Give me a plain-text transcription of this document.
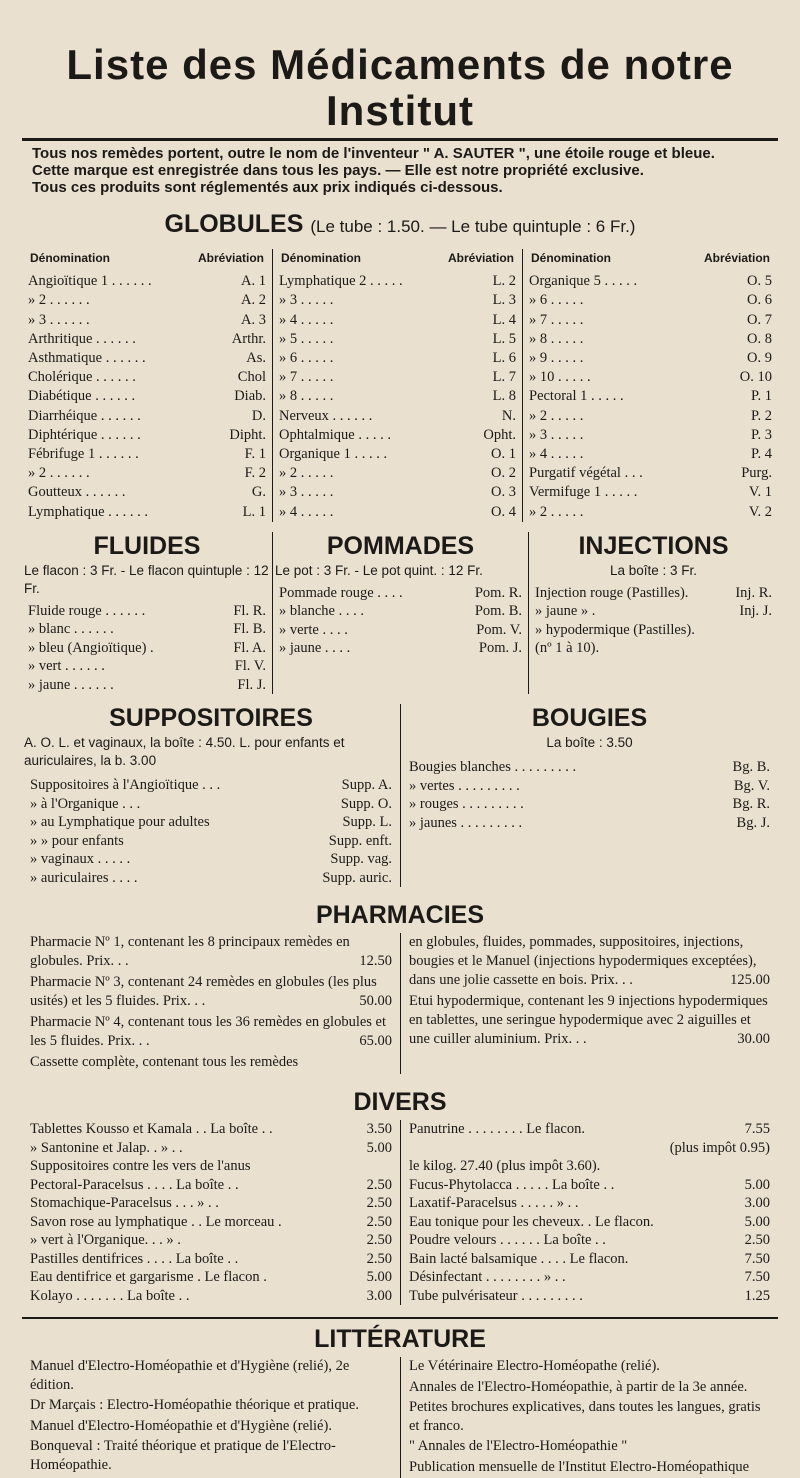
Liste des Médicaments de notre Institut
Tous nos remèdes portent, outre le nom de l'inventeur " A. SAUTER ", une étoile rouge et bleue.
Cette marque est enregistrée dans tous les pays. — Elle est notre propriété exclusive.
Tous ces produits sont réglementés aux prix indiqués ci-dessous.
GLOBULES (Le tube : 1.50. — Le tube quintuple : 6 Fr.)
Dénomination	Abréviation
Angioïtique 1 . . . . . .	A. 1
» 2 . . . . . .	A. 2
» 3 . . . . . .	A. 3
Arthritique . . . . . .	Arthr.
Asthmatique . . . . . .	As.
Cholérique . . . . . .	Chol
Diabétique . . . . . .	Diab.
Diarrhéique . . . . . .	D.
Diphtérique . . . . . .	Dipht.
Fébrifuge 1 . . . . . .	F. 1
» 2 . . . . . .	F. 2
Goutteux . . . . . .	G.
Lymphatique . . . . . .	L. 1
Dénomination	Abréviation
Lymphatique 2 . . . . .	L. 2
» 3 . . . . .	L. 3
» 4 . . . . .	L. 4
» 5 . . . . .	L. 5
» 6 . . . . .	L. 6
» 7 . . . . .	L. 7
» 8 . . . . .	L. 8
Nerveux . . . . . .	N.
Ophtalmique . . . . .	Opht.
Organique 1 . . . . .	O. 1
» 2 . . . . .	O. 2
» 3 . . . . .	O. 3
» 4 . . . . .	O. 4
Dénomination	Abréviation
Organique 5 . . . . .	O. 5
» 6 . . . . .	O. 6
» 7 . . . . .	O. 7
» 8 . . . . .	O. 8
» 9 . . . . .	O. 9
» 10 . . . . .	O. 10
Pectoral 1 . . . . .	P. 1
» 2 . . . . .	P. 2
» 3 . . . . .	P. 3
» 4 . . . . .	P. 4
Purgatif végétal . . .	Purg.
Vermifuge 1 . . . . .	V. 1
» 2 . . . . .	V. 2
FLUIDES
Le flacon : 3 Fr. - Le flacon quintuple : 12 Fr.
Fluide rouge . . . . . .	Fl. R.
» blanc . . . . . .	Fl. B.
» bleu (Angioïtique) .	Fl. A.
» vert . . . . . .	Fl. V.
» jaune . . . . . .	Fl. J.
POMMADES
Le pot : 3 Fr. - Le pot quint. : 12 Fr.
Pommade rouge . . . .	Pom. R.
» blanche . . . .	Pom. B.
» verte . . . .	Pom. V.
» jaune . . . .	Pom. J.
INJECTIONS
La boîte : 3 Fr.
Injection rouge (Pastilles).	Inj. R.
» jaune » .	Inj. J.
» hypodermique (Pastilles).
(nº 1 à 10).
SUPPOSITOIRES
A. O. L. et vaginaux, la boîte : 4.50. L. pour enfants et auriculaires, la b. 3.00
Suppositoires à l'Angioïtique . . .	Supp. A.
» à l'Organique . . .	Supp. O.
» au Lymphatique pour adultes	Supp. L.
» » pour enfants	Supp. enft.
» vaginaux . . . . .	Supp. vag.
» auriculaires . . . .	Supp. auric.
BOUGIES
La boîte : 3.50
Bougies blanches . . . . . . . . .	Bg. B.
» vertes . . . . . . . . .	Bg. V.
» rouges . . . . . . . . .	Bg. R.
» jaunes . . . . . . . . .	Bg. J.
PHARMACIES

Pharmacie Nº 1, contenant les 8 principaux remèdes en globules. Prix. . .	12.50

Pharmacie Nº 3, contenant 24 remèdes en globules (les plus usités) et les 5 fluides. Prix. . .	50.00

Pharmacie Nº 4, contenant tous les 36 remèdes en globules et les 5 fluides. Prix. . .	65.00

Cassette complète, contenant tous les remèdes

en globules, fluides, pommades, suppositoires, injections, bougies et le Manuel (injections hypodermiques exceptées), dans une jolie cassette en bois. Prix. . .	125.00

Etui hypodermique, contenant les 9 injections hypodermiques en tablettes, une seringue hypodermique avec 2 aiguilles et une cuiller aluminium. Prix. . .	30.00

DIVERS
Tablettes Kousso et Kamala . . La boîte . .	3.50
» Santonine et Jalap. . » . .	5.00
Suppositoires contre les vers de l'anus
Pectoral-Paracelsus . . . . La boîte . .	2.50
Stomachique-Paracelsus . . . » . .	2.50
Savon rose au lymphatique . . Le morceau .	2.50
» vert à l'Organique. . . » .	2.50
Pastilles dentifrices . . . . La boîte . .	2.50
Eau dentifrice et gargarisme . Le flacon .	5.00
Kolayo . . . . . . . La boîte . .	3.00
Panutrine . . . . . . . . Le flacon.	7.55
(plus impôt 0.95)
le kilog. 27.40 (plus impôt 3.60).
Fucus-Phytolacca . . . . . La boîte . .	5.00
Laxatif-Paracelsus . . . . . » . .	3.00
Eau tonique pour les cheveux. . Le flacon.	5.00
Poudre velours . . . . . . La boîte . .	2.50
Bain lacté balsamique . . . . Le flacon.	7.50
Désinfectant . . . . . . . . » . .	7.50
Tube pulvérisateur . . . . . . . . .	1.25
LITTÉRATURE

Manuel d'Electro-Homéopathie et d'Hygiène (relié), 2e édition.

Dr Marçais : Electro-Homéopathie théorique et pratique.

Manuel d'Electro-Homéopathie et d'Hygiène (relié).

Bonqueval : Traité théorique et pratique de l'Electro-Homéopathie.

Le Vétérinaire Electro-Homéopathe (relié).

Annales de l'Electro-Homéopathie, à partir de la 3e année.

Petites brochures explicatives, dans toutes les langues, gratis et franco.

" Annales de l'Electro-Homéopathie "

Publication mensuelle de l'Institut Electro-Homéopathique
